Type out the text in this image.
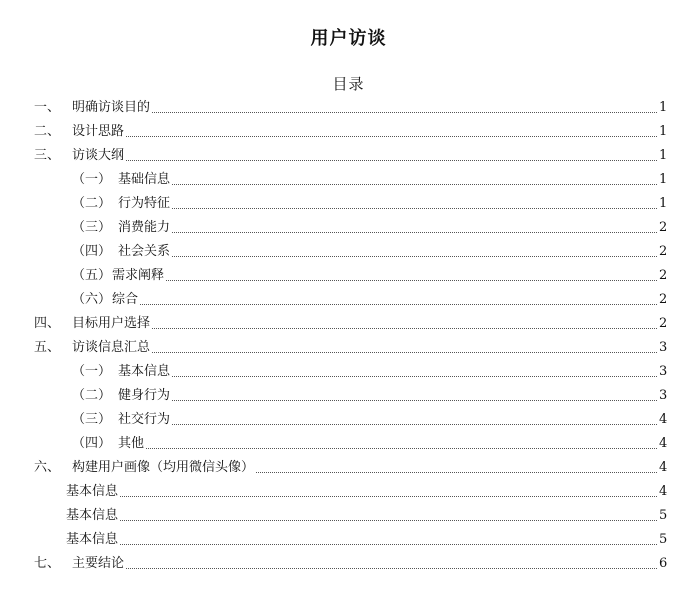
用户访谈
目录
一、 明确访谈目的	1
二、 设计思路	1
三、 访谈大纲	1
（一） 基础信息	1
（二） 行为特征	1
（三） 消费能力	2
（四） 社会关系	2
（五） 需求阐释	2
（六） 综合	2
四、 目标用户选择	2
五、 访谈信息汇总	3
（一） 基本信息	3
（二） 健身行为	3
（三） 社交行为	4
（四） 其他	4
六、 构建用户画像（均用微信头像）	4
基本信息	4
基本信息	5
基本信息	5
七、 主要结论	6
